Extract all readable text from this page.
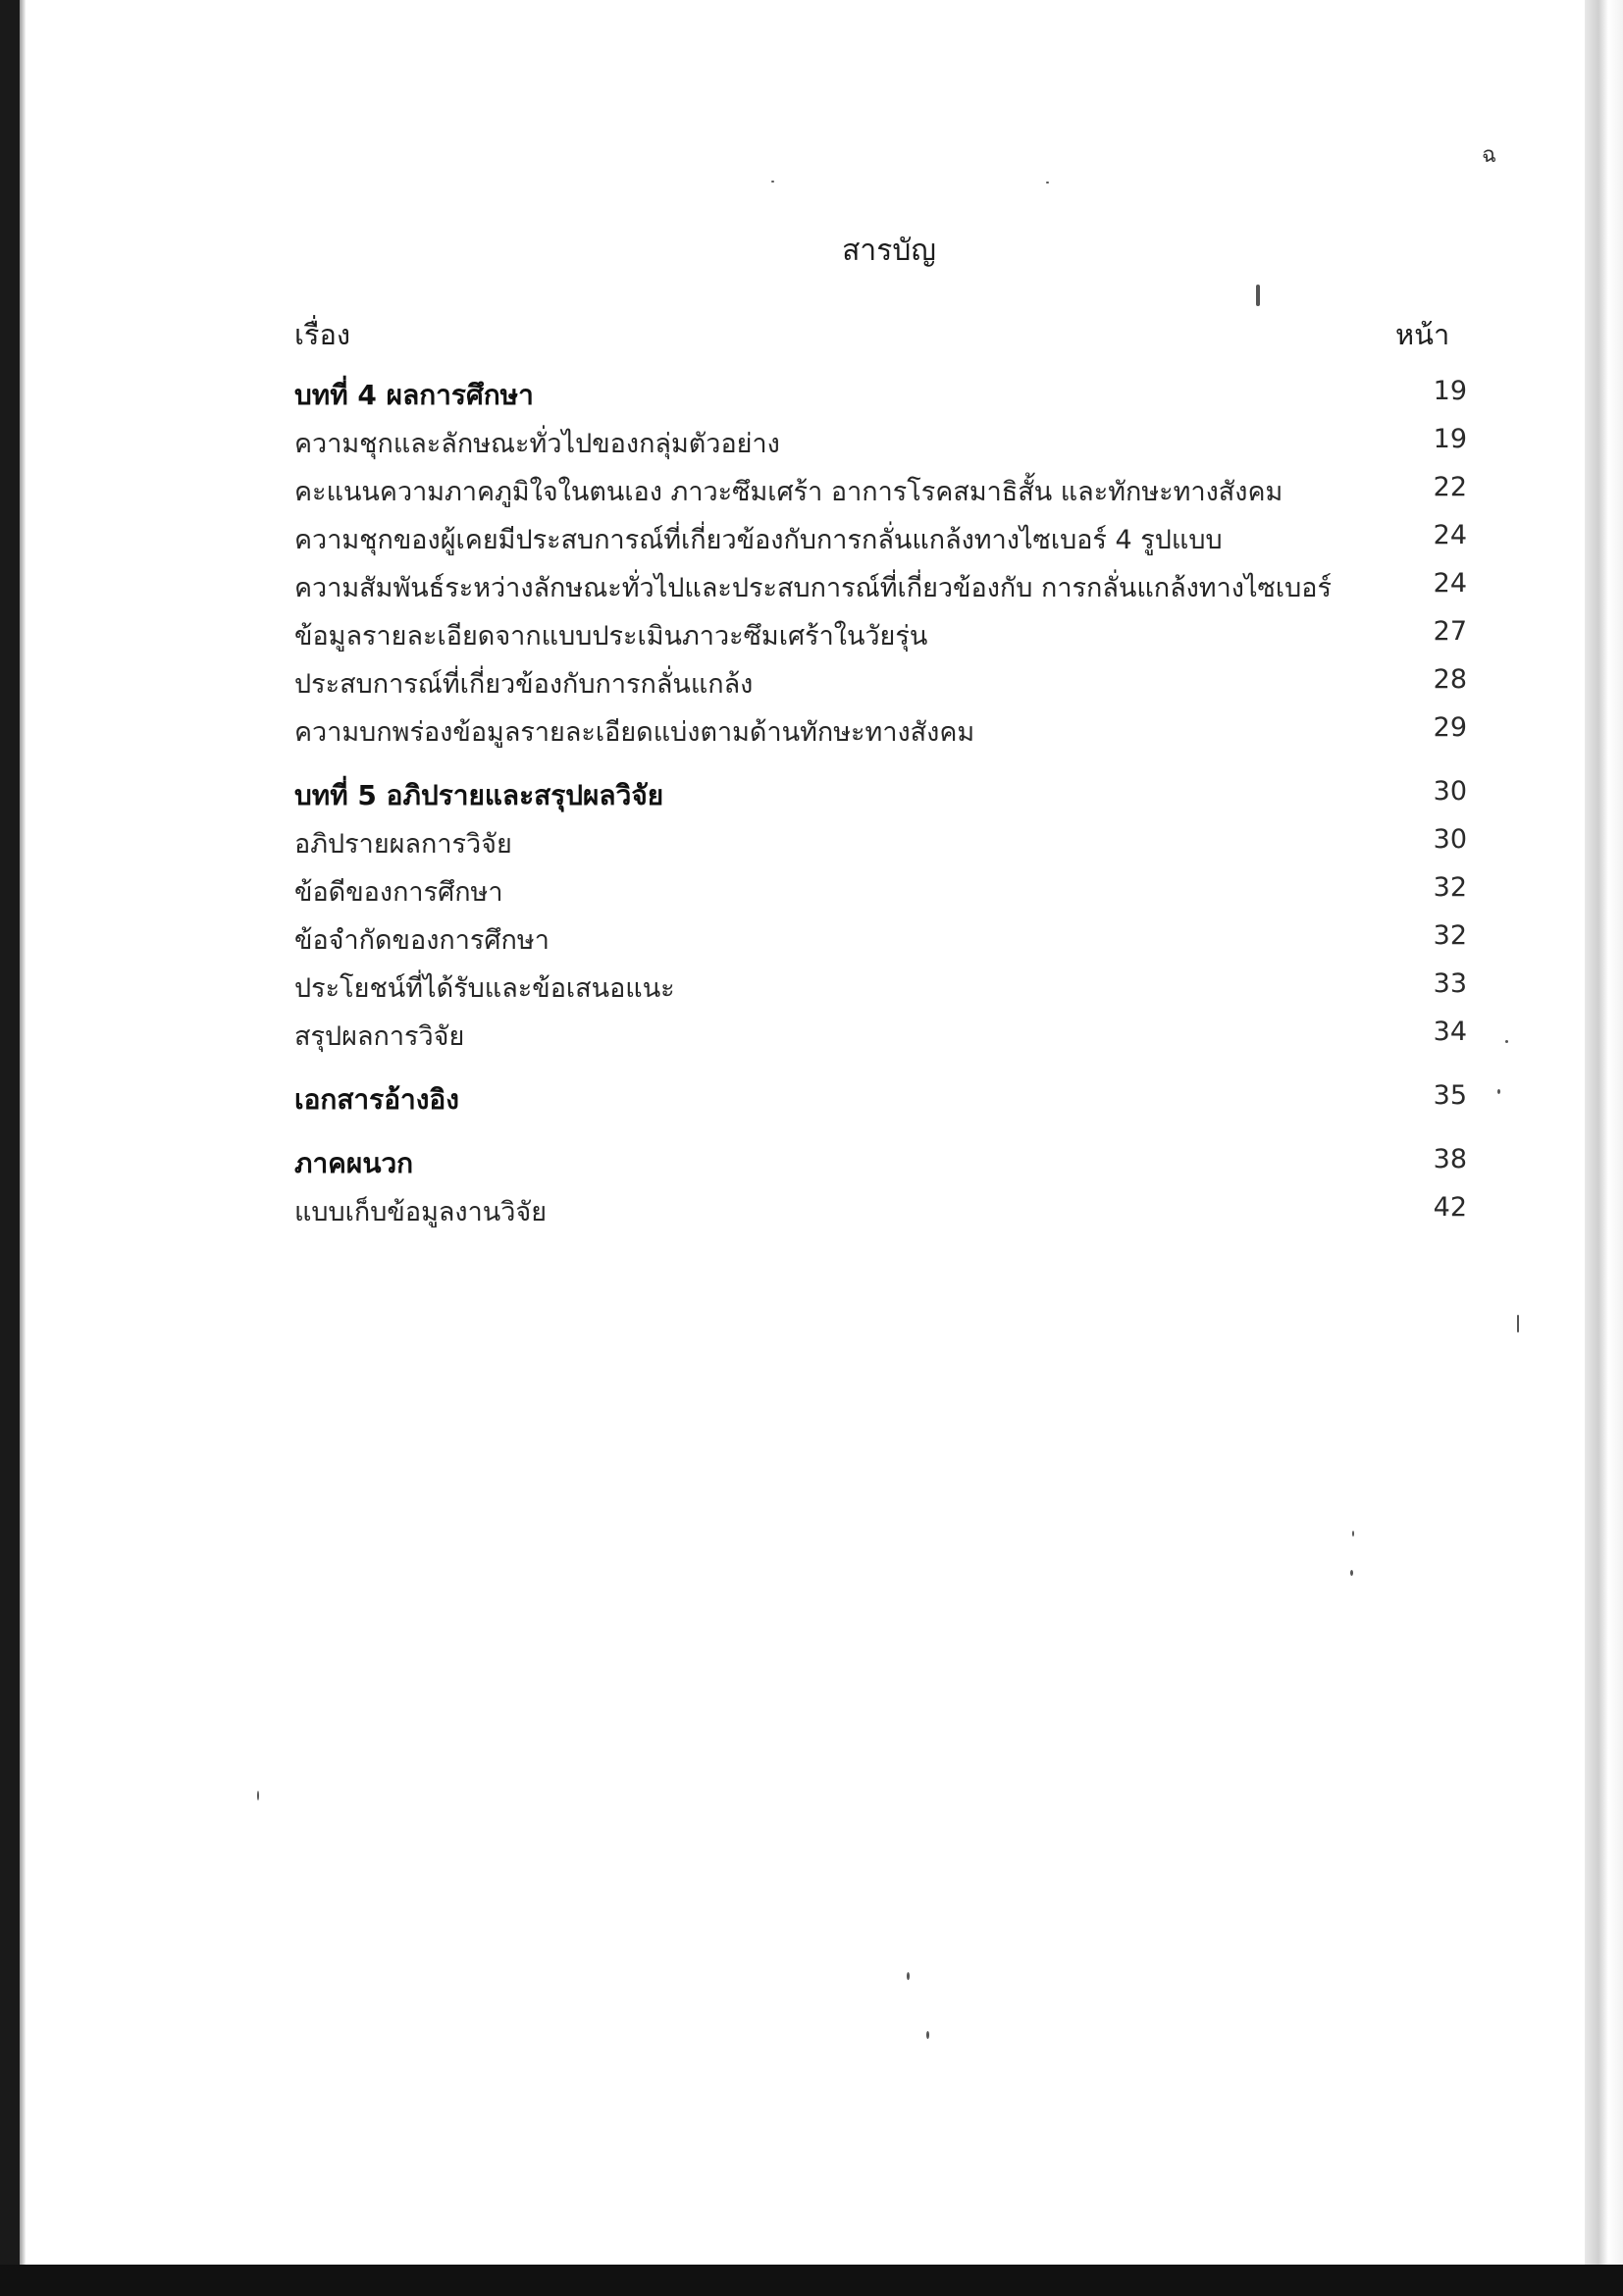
ฉ
สารบัญ
เรื่อง	หน้า
บทที่ 4 ผลการศึกษา	19
ความชุกและลักษณะทั่วไปของกลุ่มตัวอย่าง	19
คะแนนความภาคภูมิใจในตนเอง ภาวะซึมเศร้า อาการโรคสมาธิสั้น และทักษะทางสังคม	22
ความชุกของผู้เคยมีประสบการณ์ที่เกี่ยวข้องกับการกลั่นแกล้งทางไซเบอร์ 4 รูปแบบ	24
ความสัมพันธ์ระหว่างลักษณะทั่วไปและประสบการณ์ที่เกี่ยวข้องกับ การกลั่นแกล้งทางไซเบอร์	24
ข้อมูลรายละเอียดจากแบบประเมินภาวะซึมเศร้าในวัยรุ่น	27
ประสบการณ์ที่เกี่ยวข้องกับการกลั่นแกล้ง	28
ความบกพร่องข้อมูลรายละเอียดแบ่งตามด้านทักษะทางสังคม	29
บทที่ 5 อภิปรายและสรุปผลวิจัย	30
อภิปรายผลการวิจัย	30
ข้อดีของการศึกษา	32
ข้อจำกัดของการศึกษา	32
ประโยชน์ที่ได้รับและข้อเสนอแนะ	33
สรุปผลการวิจัย	34
เอกสารอ้างอิง	35
ภาคผนวก	38
แบบเก็บข้อมูลงานวิจัย	42
